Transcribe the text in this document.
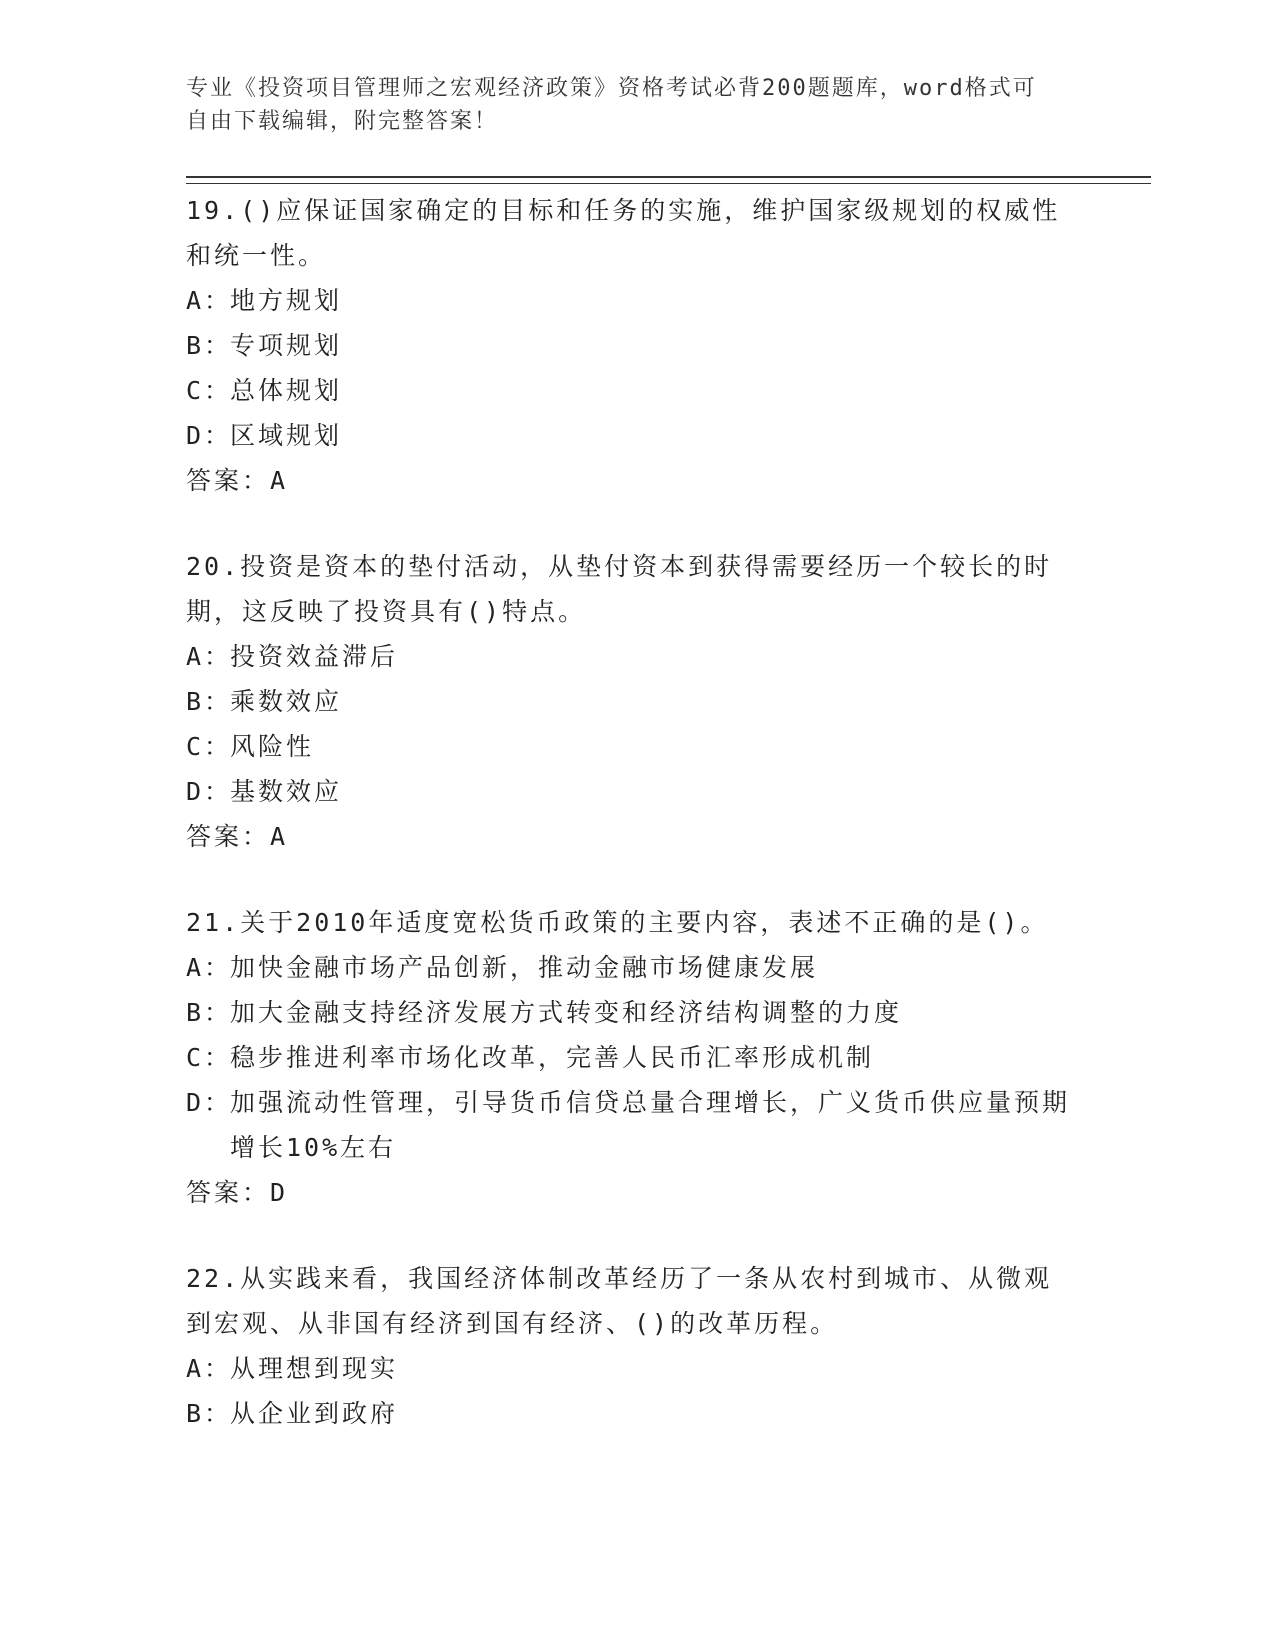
专业《投资项目管理师之宏观经济政策》资格考试必背200题题库，word格式可
自由下载编辑，附完整答案！

19.()应保证国家确定的目标和任务的实施，维护国家级规划的权威性和统一性。

A：
地方规划
B：
专项规划
C：
总体规划
D：
区域规划
答案：A

20.投资是资本的垫付活动，从垫付资本到获得需要经历一个较长的时期，这反映了投资具有()特点。

A：
投资效益滞后
B：
乘数效应
C：
风险性
D：
基数效应
答案：A

21.关于2010年适度宽松货币政策的主要内容，表述不正确的是()。

A：
加快金融市场产品创新，推动金融市场健康发展
B：
加大金融支持经济发展方式转变和经济结构调整的力度
C：
稳步推进利率市场化改革，完善人民币汇率形成机制
D：
加强流动性管理，引导货币信贷总量合理增长，广义货币供应量预期增长10%左右
答案：D

22.从实践来看，我国经济体制改革经历了一条从农村到城市、从微观到宏观、从非国有经济到国有经济、()的改革历程。

A：
从理想到现实
B：
从企业到政府
